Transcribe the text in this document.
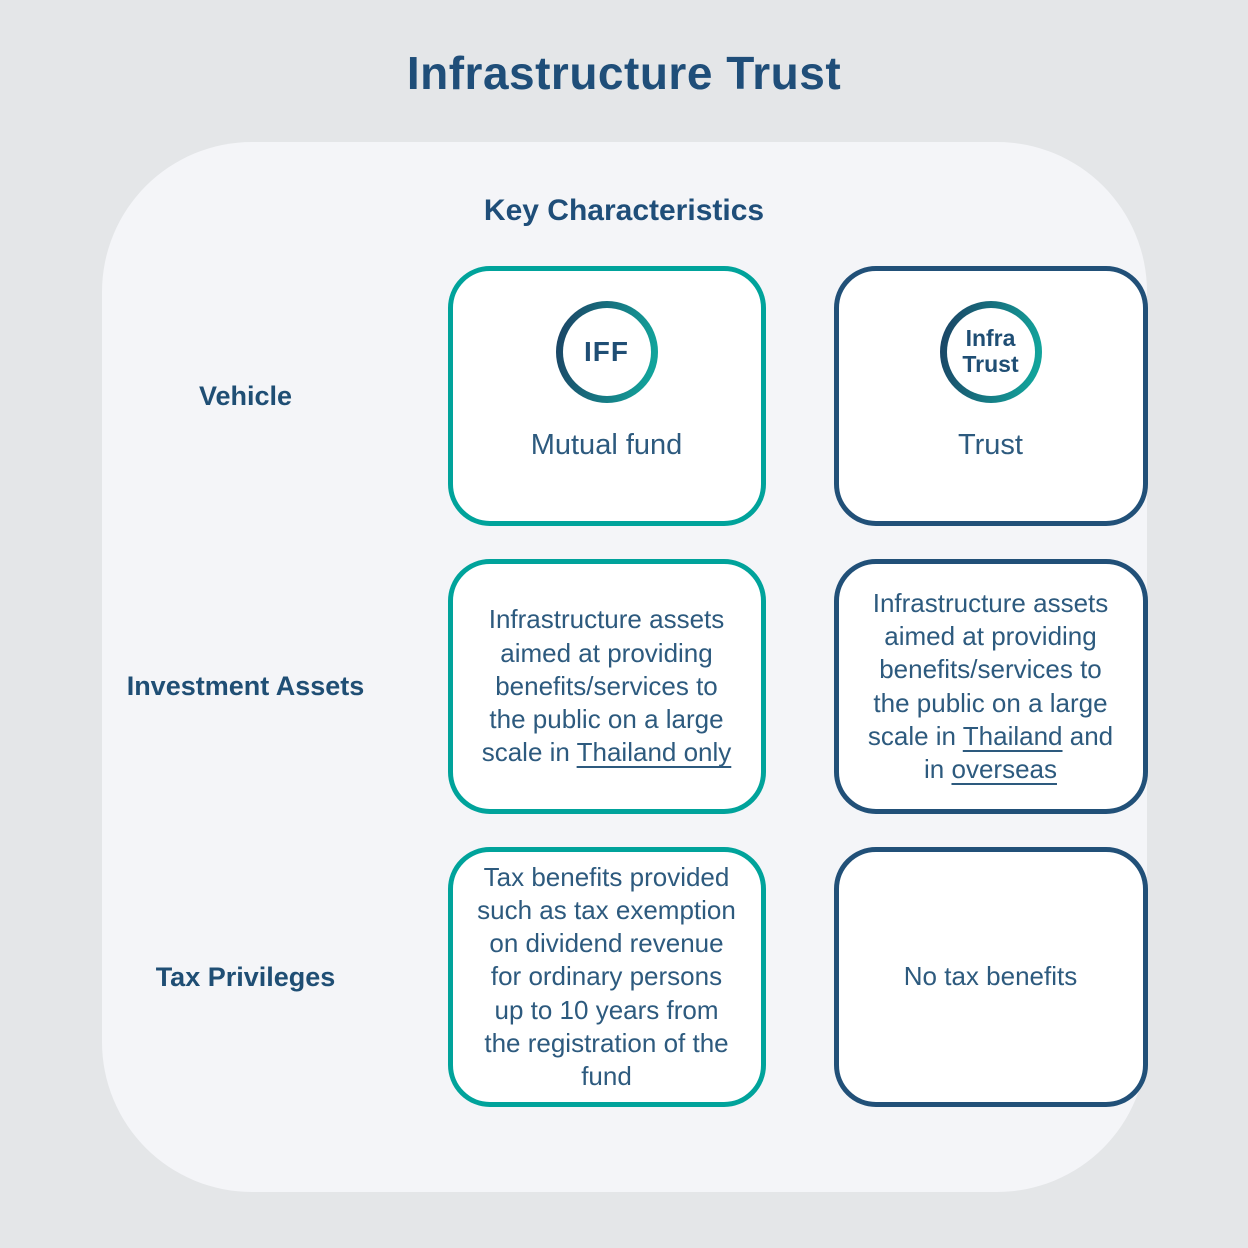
Infrastructure Trust
Key Characteristics
Vehicle
IFF
Mutual fund
Infra
Trust
Trust
Investment Assets
Infrastructure assets aimed at providing benefits/services to the public on a large scale in Thailand only
Infrastructure assets aimed at providing benefits/services to the public on a large scale in Thailand and in overseas
Tax Privileges
Tax benefits provided such as tax exemption on dividend revenue for ordinary persons up to 10 years from the registration of the fund
No tax benefits
